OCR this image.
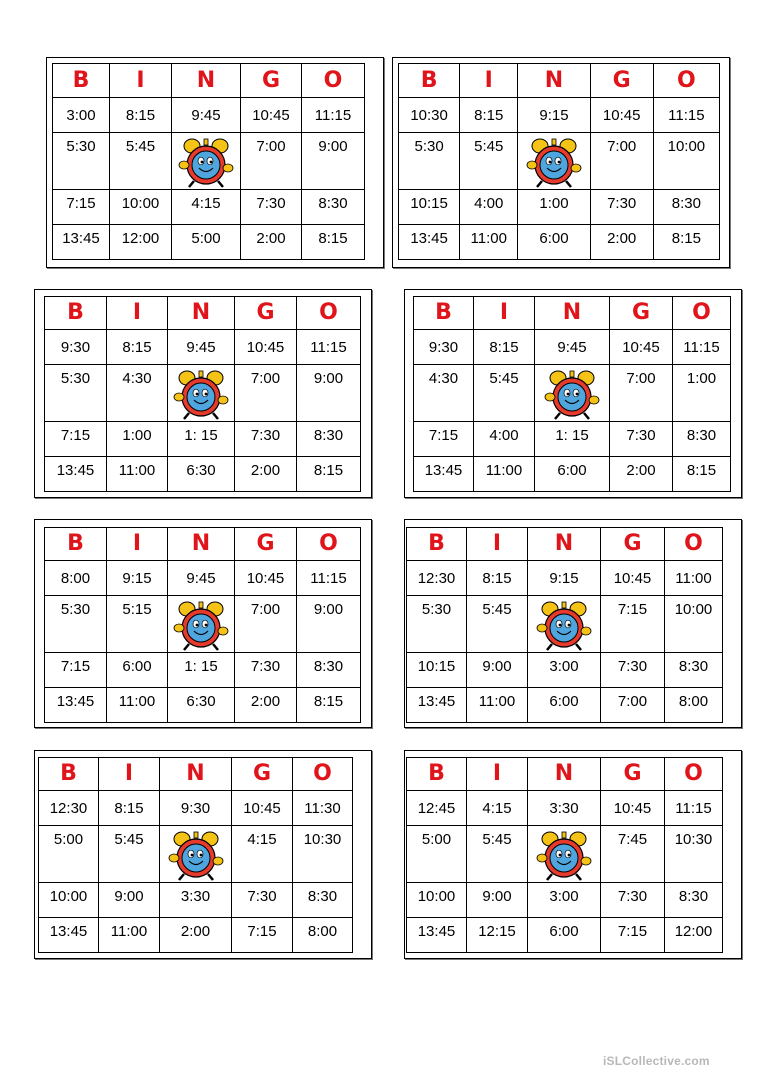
B	I	N	G	O
3:00	8:15	9:45	10:45	11:15
5:30	5:45		7:00	9:00
7:15	10:00	4:15	7:30	8:30
13:45	12:00	5:00	2:00	8:15
B	I	N	G	O
10:30	8:15	9:15	10:45	11:15
5:30	5:45		7:00	10:00
10:15	4:00	1:00	7:30	8:30
13:45	11:00	6:00	2:00	8:15
B	I	N	G	O
9:30	8:15	9:45	10:45	11:15
5:30	4:30		7:00	9:00
7:15	1:00	1: 15	7:30	8:30
13:45	11:00	6:30	2:00	8:15
B	I	N	G	O
9:30	8:15	9:45	10:45	11:15
4:30	5:45		7:00	1:00
7:15	4:00	1: 15	7:30	8:30
13:45	11:00	6:00	2:00	8:15
B	I	N	G	O
8:00	9:15	9:45	10:45	11:15
5:30	5:15		7:00	9:00
7:15	6:00	1: 15	7:30	8:30
13:45	11:00	6:30	2:00	8:15
B	I	N	G	O
12:30	8:15	9:15	10:45	11:00
5:30	5:45		7:15	10:00
10:15	9:00	3:00	7:30	8:30
13:45	11:00	6:00	7:00	8:00
B	I	N	G	O
12:30	8:15	9:30	10:45	11:30
5:00	5:45		4:15	10:30
10:00	9:00	3:30	7:30	8:30
13:45	11:00	2:00	7:15	8:00
B	I	N	G	O
12:45	4:15	3:30	10:45	11:15
5:00	5:45		7:45	10:30
10:00	9:00	3:00	7:30	8:30
13:45	12:15	6:00	7:15	12:00
iSLCollective.com
